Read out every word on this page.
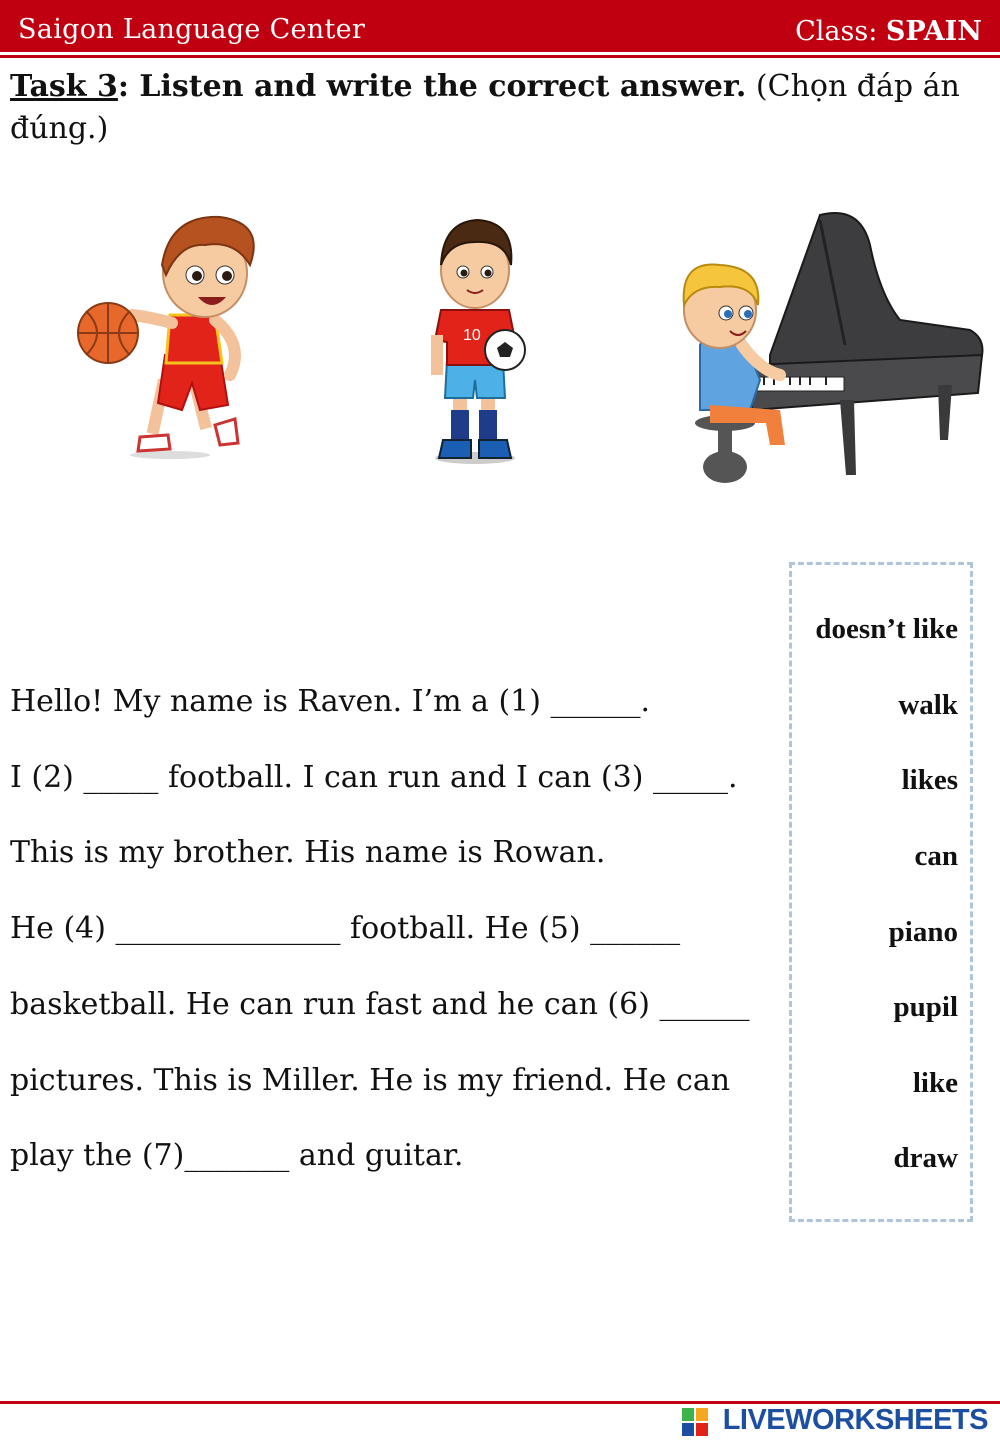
Saigon Language Center	Class: SPAIN
Task 3: Listen and write the correct answer. (Chọn đáp án đúng.)
10
Hello! My name is Raven. I’m a (1) ______.
I (2) _____ football. I can run and I can (3) _____.
This is my brother. His name is Rowan.
He (4) _______________ football. He (5) ______
basketball. He can run fast and he can (6) ______
pictures. This is Miller. He is my friend. He can
play the (7)_______ and guitar.
doesn’t like
walk
likes
can
piano
pupil
like
draw
LIVEWORKSHEETS
